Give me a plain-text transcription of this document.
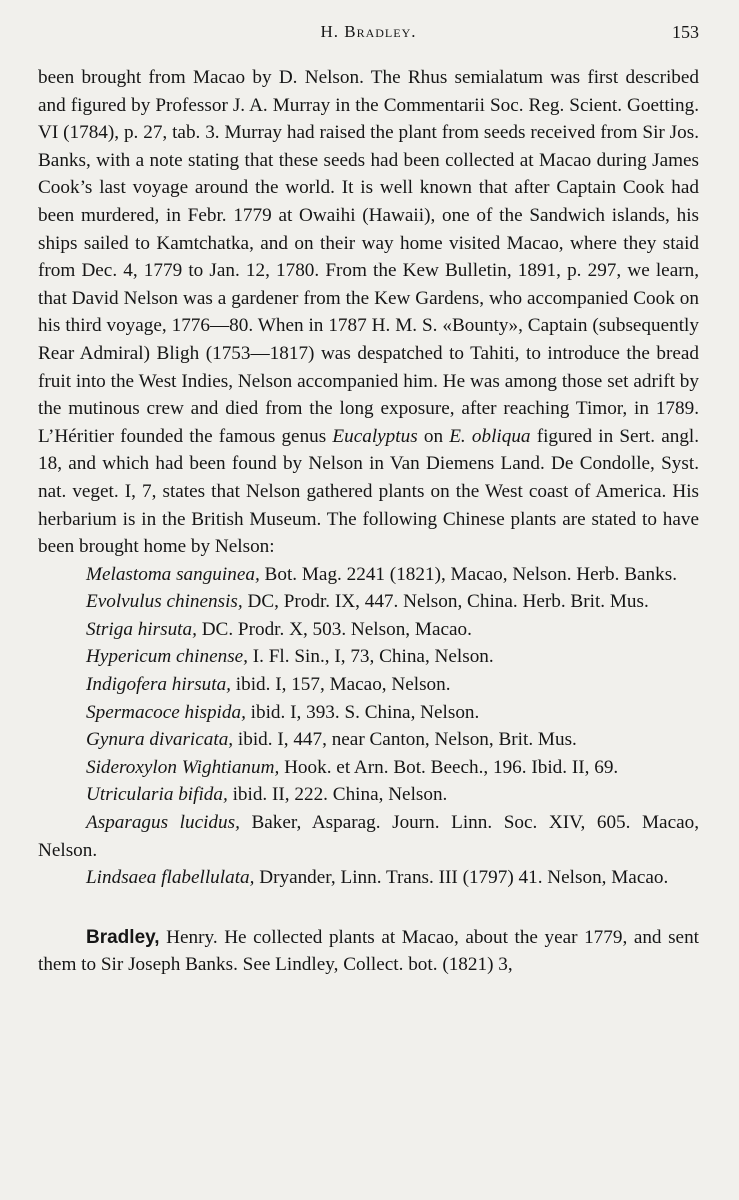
H. Bradley.	153

been brought from Macao by D. Nelson. The Rhus semialatum was first described and figured by Professor J. A. Murray in the Commentarii Soc. Reg. Scient. Goetting. VI (1784), p. 27, tab. 3. Murray had raised the plant from seeds received from Sir Jos. Banks, with a note stating that these seeds had been collected at Macao during James Cook’s last voyage around the world. It is well known that after Captain Cook had been murdered, in Febr. 1779 at Owaihi (Hawaii), one of the Sandwich islands, his ships sailed to Kamtchatka, and on their way home visited Macao, where they staid from Dec. 4, 1779 to Jan. 12, 1780. From the Kew Bulletin, 1891, p. 297, we learn, that David Nelson was a gardener from the Kew Gardens, who accompanied Cook on his third voyage, 1776—80. When in 1787 H. M. S. «Bounty», Captain (subsequently Rear Admiral) Bligh (1753—1817) was despatched to Tahiti, to introduce the bread fruit into the West Indies, Nelson accompanied him. He was among those set adrift by the mutinous crew and died from the long exposure, after reaching Timor, in 1789. L’Héritier founded the famous genus Eucalyptus on E. obliqua figured in Sert. angl. 18, and which had been found by Nelson in Van Diemens Land. De Condolle, Syst. nat. veget. I, 7, states that Nelson gathered plants on the West coast of America. His herbarium is in the British Museum. The following Chinese plants are stated to have been brought home by Nelson:

Melastoma sanguinea, Bot. Mag. 2241 (1821), Macao, Nelson. Herb. Banks.

Evolvulus chinensis, DC, Prodr. IX, 447. Nelson, China. Herb. Brit. Mus.

Striga hirsuta, DC. Prodr. X, 503. Nelson, Macao.

Hypericum chinense, I. Fl. Sin., I, 73, China, Nelson.

Indigofera hirsuta, ibid. I, 157, Macao, Nelson.

Spermacoce hispida, ibid. I, 393. S. China, Nelson.

Gynura divaricata, ibid. I, 447, near Canton, Nelson, Brit. Mus.

Sideroxylon Wightianum, Hook. et Arn. Bot. Beech., 196. Ibid. II, 69.

Utricularia bifida, ibid. II, 222. China, Nelson.

Asparagus lucidus, Baker, Asparag. Journ. Linn. Soc. XIV, 605. Macao, Nelson.

Lindsaea flabellulata, Dryander, Linn. Trans. III (1797) 41. Nelson, Macao.

Bradley, Henry. He collected plants at Macao, about the year 1779, and sent them to Sir Joseph Banks. See Lindley, Collect. bot. (1821) 3,
